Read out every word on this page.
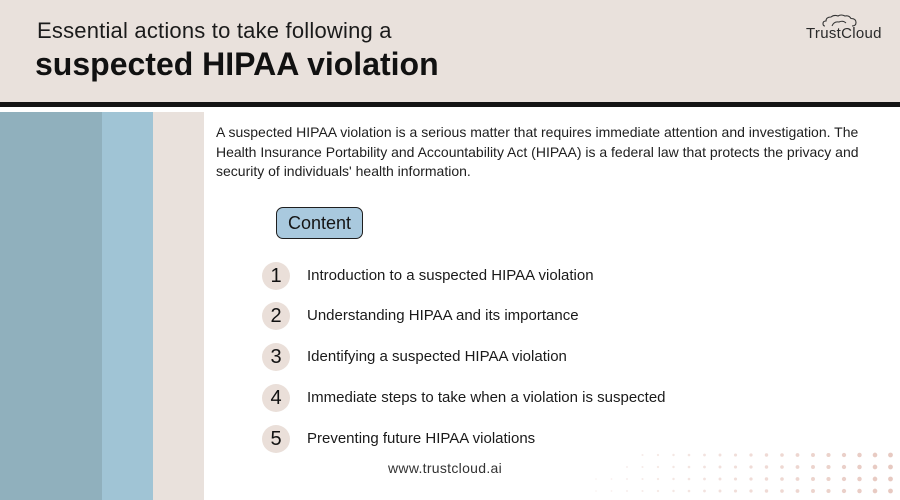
Essential actions to take following a
suspected HIPAA violation
TrustCloud

A suspected HIPAA violation is a serious matter that requires immediate attention and investigation. The Health Insurance Portability and Accountability Act (HIPAA) is a federal law that protects the privacy and security of individuals' health information.

Content
1	Introduction to a suspected HIPAA violation
2	Understanding HIPAA and its importance
3	Identifying a suspected HIPAA violation
4	Immediate steps to take when a violation is suspected
5	Preventing future HIPAA violations
www.trustcloud.ai
